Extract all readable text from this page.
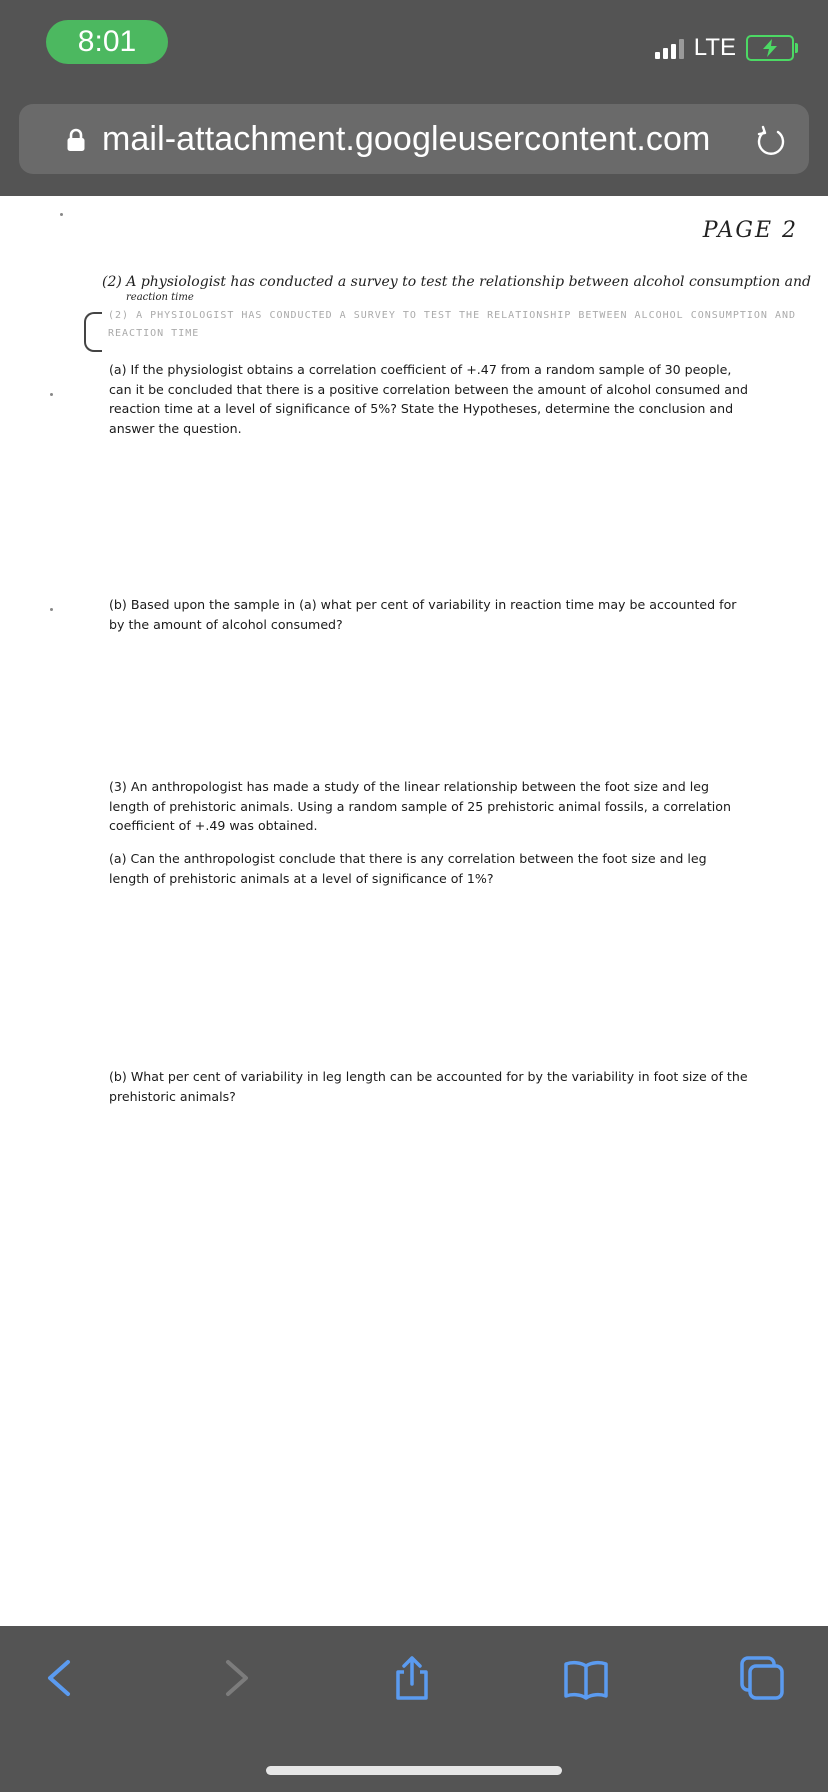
8:01	LTE
mail-attachment.googleusercontent.com
PAGE 2
(2) A physiologist has conducted a survey to test the relationship between alcohol consumption and
reaction time
(2) A PHYSIOLOGIST HAS CONDUCTED A SURVEY TO TEST THE RELATIONSHIP BETWEEN ALCOHOL CONSUMPTION AND
REACTION TIME
(a) If the physiologist obtains a correlation coefficient of +.47 from a random sample of 30 people, can it be concluded that there is a positive correlation between the amount of alcohol consumed and reaction time at a level of significance of 5%? State the Hypotheses, determine the conclusion and answer the question.
(b) Based upon the sample in (a) what per cent of variability in reaction time may be accounted for by the amount of alcohol consumed?
(3) An anthropologist has made a study of the linear relationship between the foot size and leg length of prehistoric animals. Using a random sample of 25 prehistoric animal fossils, a correlation coefficient of +.49 was obtained.
(a) Can the anthropologist conclude that there is any correlation between the foot size and leg length of prehistoric animals at a level of significance of 1%?
(b) What per cent of variability in leg length can be accounted for by the variability in foot size of the prehistoric animals?
